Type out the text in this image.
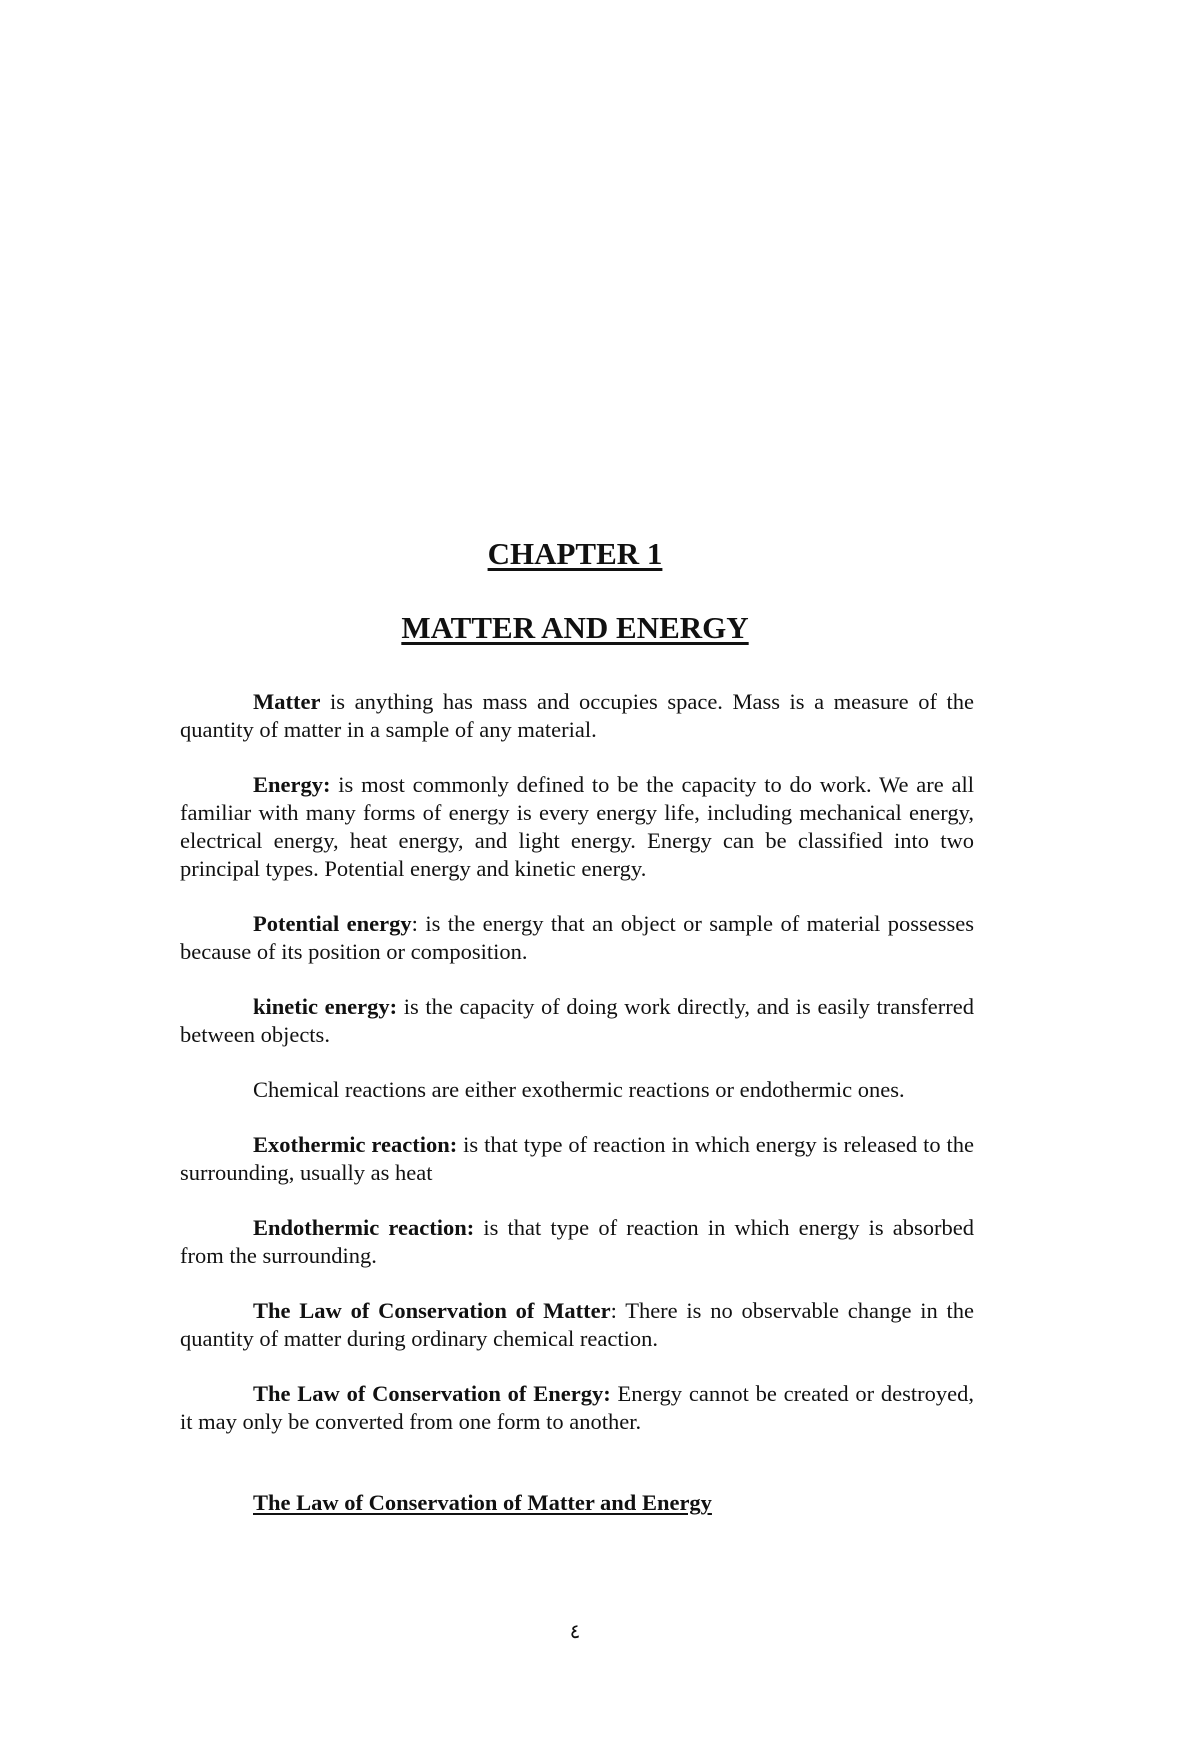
CHAPTER 1
MATTER AND ENERGY

Matter is anything has mass and occupies space. Mass is a measure of the quantity of matter in a sample of any material.

Energy: is most commonly defined to be the capacity to do work. We are all familiar with many forms of energy is every energy life, including mechanical energy, electrical energy, heat energy, and light energy. Energy can be classified into two principal types. Potential energy and kinetic energy.

Potential energy: is the energy that an object or sample of material possesses because of its position or composition.

kinetic energy: is the capacity of doing work directly, and is easily transferred between objects.

Chemical reactions are either exothermic reactions or endothermic ones.

Exothermic reaction: is that type of reaction in which energy is released to the surrounding, usually as heat

Endothermic reaction: is that type of reaction in which energy is absorbed from the surrounding.

The Law of Conservation of Matter: There is no observable change in the quantity of matter during ordinary chemical reaction.

The Law of Conservation of Energy: Energy cannot be created or destroyed, it may only be converted from one form to another.

The Law of Conservation of Matter and Energy
٤
